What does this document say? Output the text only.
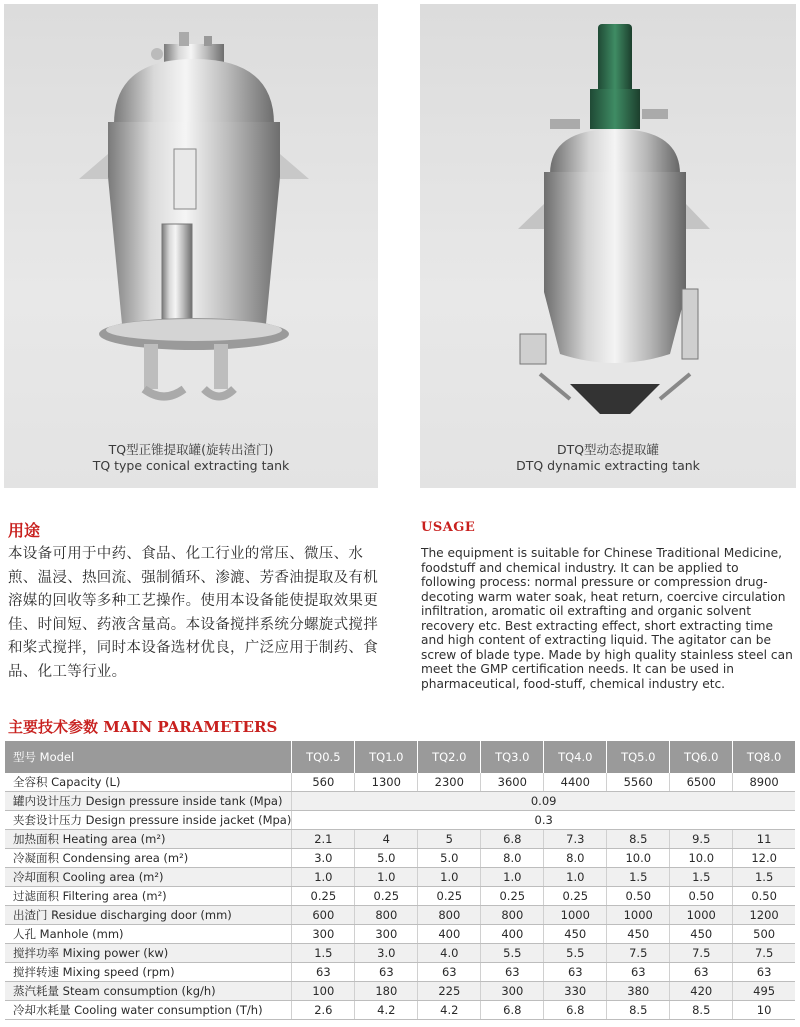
TQ型正锥提取罐(旋转出渣门)
TQ type conical extracting tank
DTQ型动态提取罐
DTQ dynamic extracting tank
用途
本设备可用于中药、食品、化工行业的常压、微压、水煎、温浸、热回流、强制循环、渗漉、芳香油提取及有机溶媒的回收等多种工艺操作。使用本设备能使提取效果更佳、时间短、药液含量高。本设备搅拌系统分螺旋式搅拌和桨式搅拌，同时本设备选材优良，广泛应用于制药、食品、化工等行业。
USAGE
The equipment is suitable for Chinese Traditional Medicine, foodstuff and chemical industry. It can be applied to following process: normal pressure or compression drug-decoting warm water soak, heat return, coercive circulation infiltration, aromatic oil extrafting and organic solvent recovery etc. Best extracting effect, short extracting time and high content of extracting liquid. The agitator can be screw of blade type. Made by high quality stainless steel can meet the GMP certification needs. It can be used in pharmaceutical, food-stuff, chemical industry etc.
主要技术参数 MAIN PARAMETERS
型号 Model	TQ0.5	TQ1.0	TQ2.0	TQ3.0	TQ4.0	TQ5.0	TQ6.0	TQ8.0
全容积 Capacity (L)	560	1300	2300	3600	4400	5560	6500	8900
罐内设计压力 Design pressure inside tank (Mpa)	0.09							
夹套设计压力 Design pressure inside jacket (Mpa)	0.3							
加热面积 Heating area (m²)	2.1	4	5	6.8	7.3	8.5	9.5	11
冷凝面积 Condensing area (m²)	3.0	5.0	5.0	8.0	8.0	10.0	10.0	12.0
冷却面积 Cooling area (m²)	1.0	1.0	1.0	1.0	1.0	1.5	1.5	1.5
过滤面积 Filtering area (m²)	0.25	0.25	0.25	0.25	0.25	0.50	0.50	0.50
出渣门 Residue discharging door (mm)	600	800	800	800	1000	1000	1000	1200
人孔 Manhole (mm)	300	300	400	400	450	450	450	500
搅拌功率 Mixing power (kw)	1.5	3.0	4.0	5.5	5.5	7.5	7.5	7.5
搅拌转速 Mixing speed (rpm)	63	63	63	63	63	63	63	63
蒸汽耗量 Steam consumption (kg/h)	100	180	225	300	330	380	420	495
冷却水耗量 Cooling water consumption (T/h)	2.6	4.2	4.2	6.8	6.8	8.5	8.5	10
